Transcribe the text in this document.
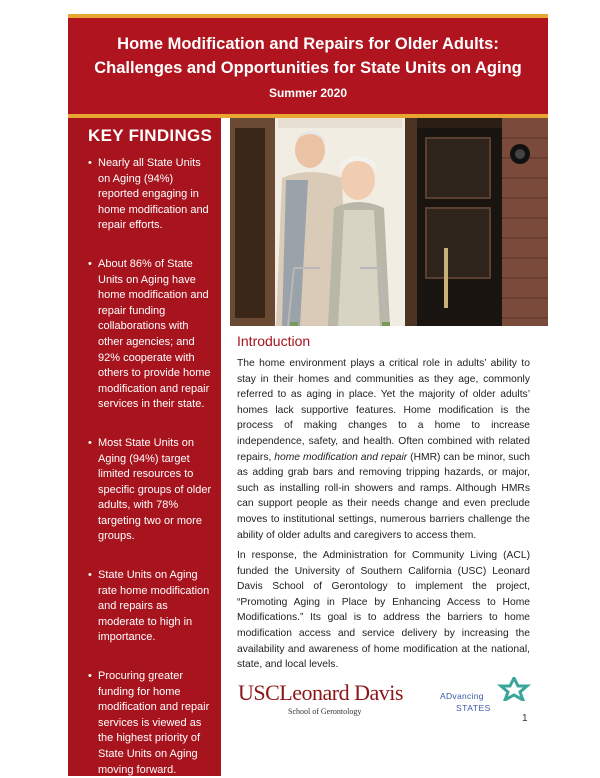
Home Modification and Repairs for Older Adults:
Challenges and Opportunities for State Units on Aging
Summer 2020
KEY FINDINGS
• Nearly all State Units on Aging (94%) reported engaging in home modification and repair efforts.
• About 86% of State Units on Aging have home modification and repair funding collaborations with other agencies; and 92% cooperate with others to provide home modification and repair services in their state.
• Most State Units on Aging (94%) target limited resources to specific groups of older adults, with 78% targeting two or more groups.
• State Units on Aging rate home modification and repairs as moderate to high in importance.
• Procuring greater funding for home modification and repair services is viewed as the highest priority of State Units on Aging moving forward.
Introduction

The home environment plays a critical role in adults’ ability to stay in their homes and communities as they age, commonly referred to as aging in place. Yet the majority of older adults’ homes lack supportive features. Home modification is the process of making changes to a home to increase independence, safety, and health. Often combined with related repairs, home modification and repair (HMR) can be minor, such as adding grab bars and removing tripping hazards, or major, such as installing roll-in showers and ramps. Although HMRs can support people as their needs change and even preclude moves to institutional settings, numerous barriers challenge the ability of older adults and caregivers to access them.

In response, the Administration for Community Living (ACL) funded the University of Southern California (USC) Leonard Davis School of Gerontology to implement the project, “Promoting Aging in Place by Enhancing Access to Home Modifications.” Its goal is to address the barriers to home modification access and service delivery by increasing the availability and awareness of home modification at the national, state, and local levels.

USCLeonard Davis
School of Gerontology
ADvancing
STATES
1
